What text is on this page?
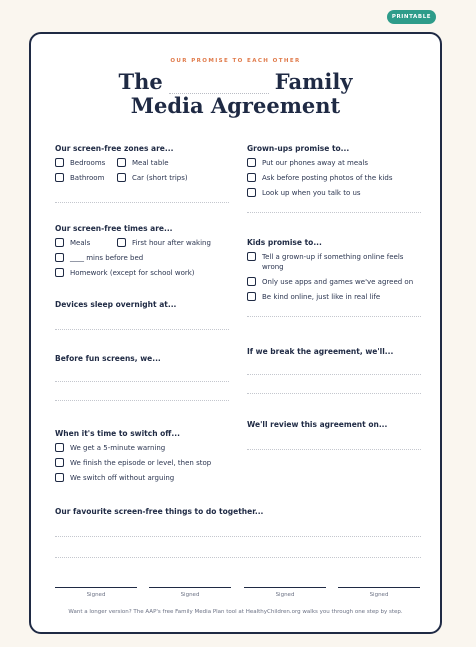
PRINTABLE
OUR PROMISE TO EACH OTHER
The	Family
Media Agreement
Our screen-free zones are...
Bedrooms	Meal table
Bathroom	Car (short trips)
Our screen-free times are...
Meals	First hour after waking
____ mins before bed
Homework (except for school work)
Devices sleep overnight at...
Before fun screens, we...
When it's time to switch off...
We get a 5-minute warning
We finish the episode or level, then stop
We switch off without arguing
Grown-ups promise to...
Put our phones away at meals
Ask before posting photos of the kids
Look up when you talk to us
Kids promise to...
Tell a grown-up if something online feels wrong
Only use apps and games we've agreed on
Be kind online, just like in real life
If we break the agreement, we'll...
We'll review this agreement on...
Our favourite screen-free things to do together...
Signed	Signed	Signed	Signed
Want a longer version? The AAP's free Family Media Plan tool at HealthyChildren.org walks you through one step by step.
